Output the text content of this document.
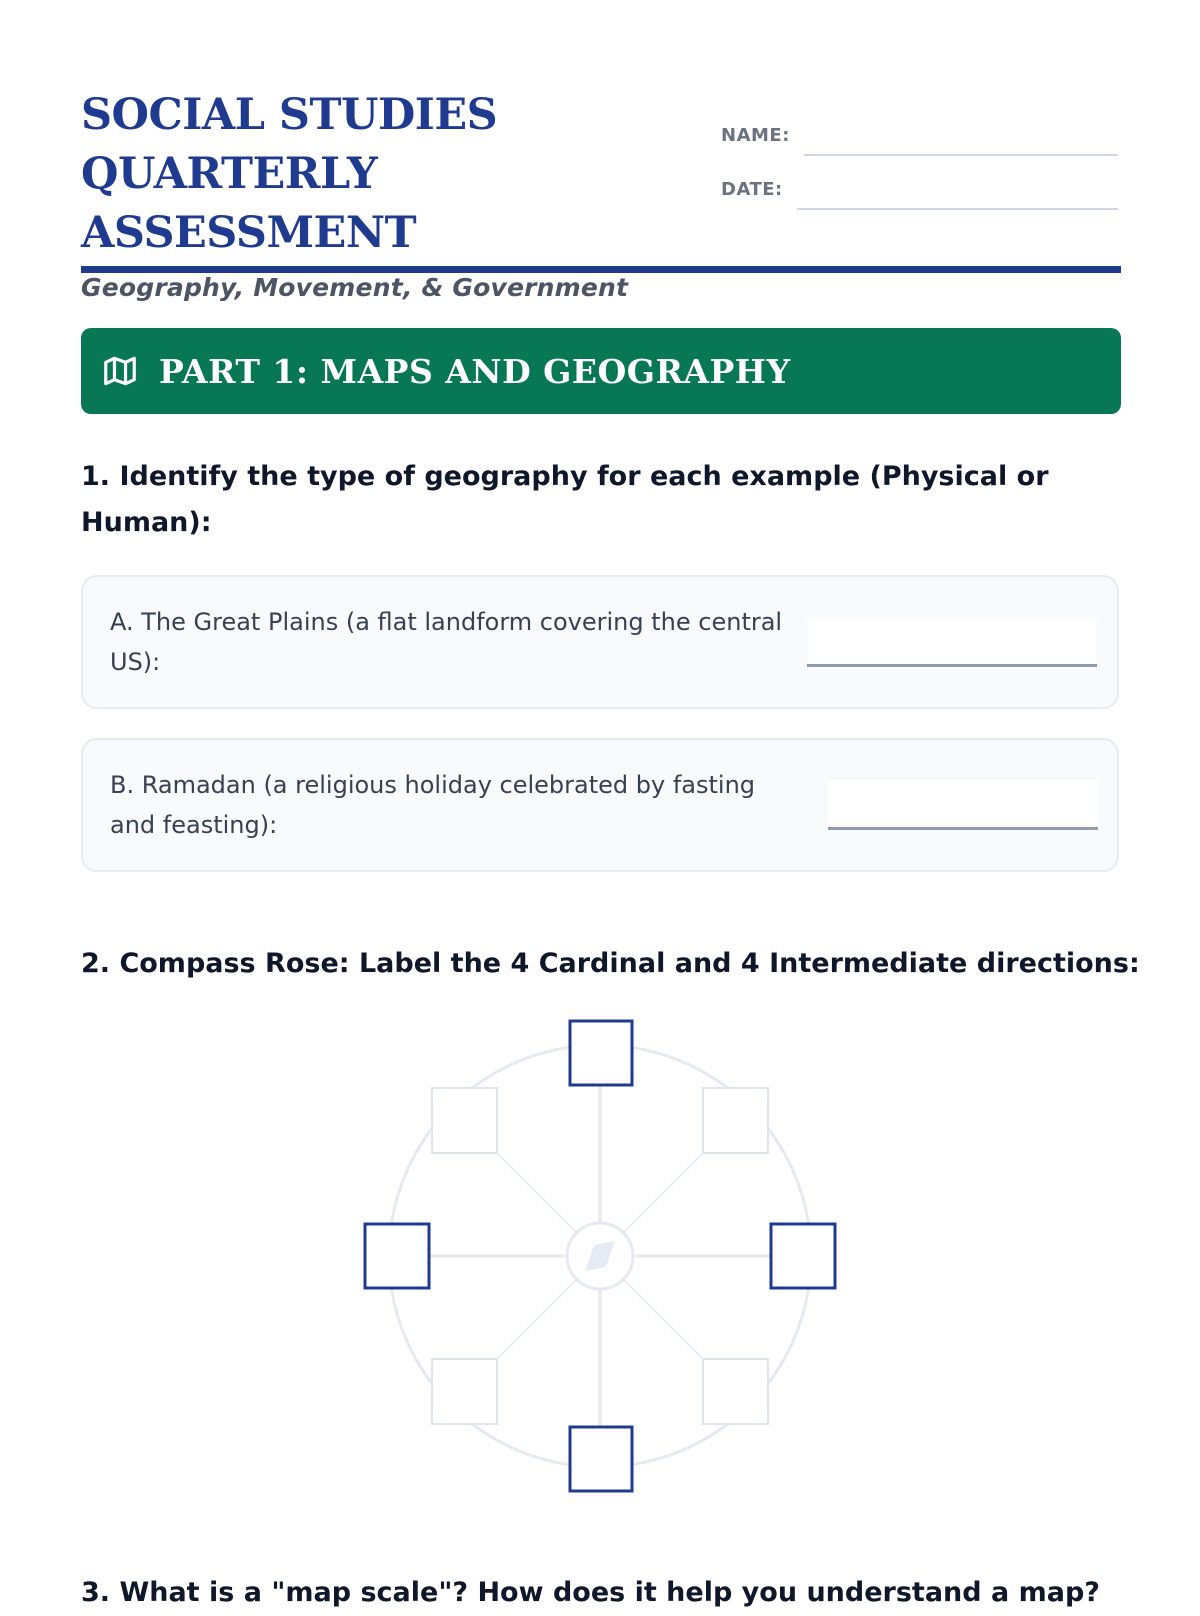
SOCIAL STUDIES
QUARTERLY ASSESSMENT
Geography, Movement, & Government
NAME:
DATE:
PART 1: MAPS AND GEOGRAPHY
1. Identify the type of geography for each example (Physical or Human):
A. The Great Plains (a flat landform covering the central US):
B. Ramadan (a religious holiday celebrated by fasting and feasting):
2. Compass Rose: Label the 4 Cardinal and 4 Intermediate directions:
3. What is a "map scale"? How does it help you understand a map?
